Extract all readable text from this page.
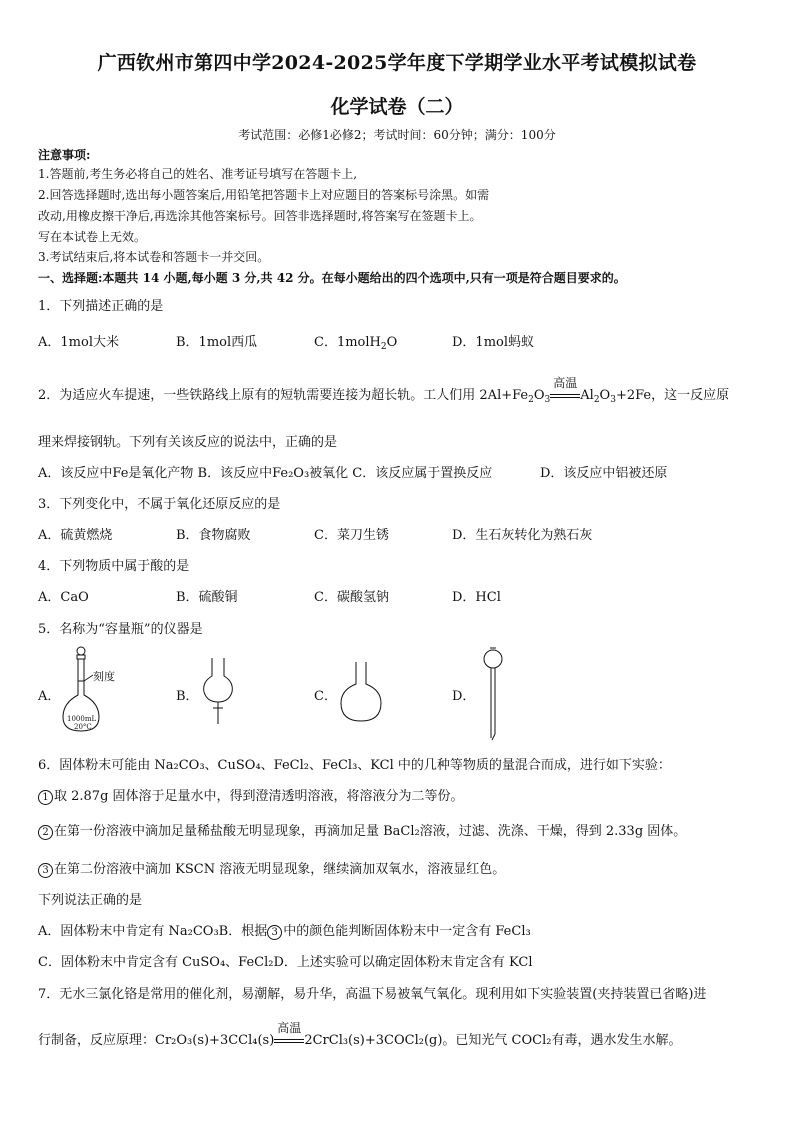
广西钦州市第四中学2024-2025学年度下学期学业水平考试模拟试卷
化学试卷（二）
考试范围：必修1必修2；考试时间：60分钟；满分：100分
注意事项:
1.答题前,考生务必将自己的姓名、准考证号填写在答题卡上,
2.回答选择题时,选出每小题答案后,用铅笔把答题卡上对应题目的答案标号涂黑。如需
改动,用橡皮擦干净后,再选涂其他答案标号。回答非选择题时,将答案写在签题卡上。
写在本试卷上无效。
3.考试结束后,将本试卷和答题卡一并交回。
一、选择题:本题共 14 小题,每小题 3 分,共 42 分。在每小题给出的四个选项中,只有一项是符合题目要求的。
1．下列描述正确的是
A．1mol大米	B．1mol西瓜	C．1molH$_2$O	D．1mol蚂蚁
2．为适应火车提速，一些铁路线上原有的短轨需要连接为超长轨。工人们用 $2Al+Fe_2O_3$
高温
$Al_2O_3+2Fe$，这一反应原
理来焊接钢轨。下列有关该反应的说法中，正确的是
A．该反应中Fe是氧化产物 B．该反应中Fe₂O₃被氧化 C．该反应属于置换反应	D．该反应中铝被还原
3．下列变化中，不属于氧化还原反应的是
A．硫黄燃烧	B．食物腐败	C．菜刀生锈	D．生石灰转化为熟石灰
4．下列物质中属于酸的是
A．CaO	B．硫酸铜	C．碳酸氢钠	D．HCl
5．名称为“容量瓶”的仪器是
A．	B．	C．	D．
刻度
1000mL
20°C
6．固体粉末可能由 Na₂CO₃、CuSO₄、FeCl₂、FeCl₃、KCl 中的几种等物质的量混合而成，进行如下实验：
1 取 2.87g 固体溶于足量水中，得到澄清透明溶液，将溶液分为二等份。
2 在第一份溶液中滴加足量稀盐酸无明显现象，再滴加足量 BaCl₂溶液，过滤、洗涤、干燥，得到 2.33g 固体。
3 在第二份溶液中滴加 KSCN 溶液无明显现象，继续滴加双氧水，溶液显红色。
下列说法正确的是
A．固体粉末中肯定有 Na₂CO₃B．根据 3 中的颜色能判断固体粉末中一定含有 FeCl₃
C．固体粉末中肯定含有 CuSO₄、FeCl₂D．上述实验可以确定固体粉末肯定含有 KCl
7．无水三氯化铬是常用的催化剂，易潮解，易升华，高温下易被氧气氧化。现利用如下实验装置(夹持装置已省略)进
行制备，反应原理：Cr₂O₃(s)+3CCl₄(s)
高温
2CrCl₃(s)+3COCl₂(g)。已知光气 COCl₂有毒，遇水发生水解。
